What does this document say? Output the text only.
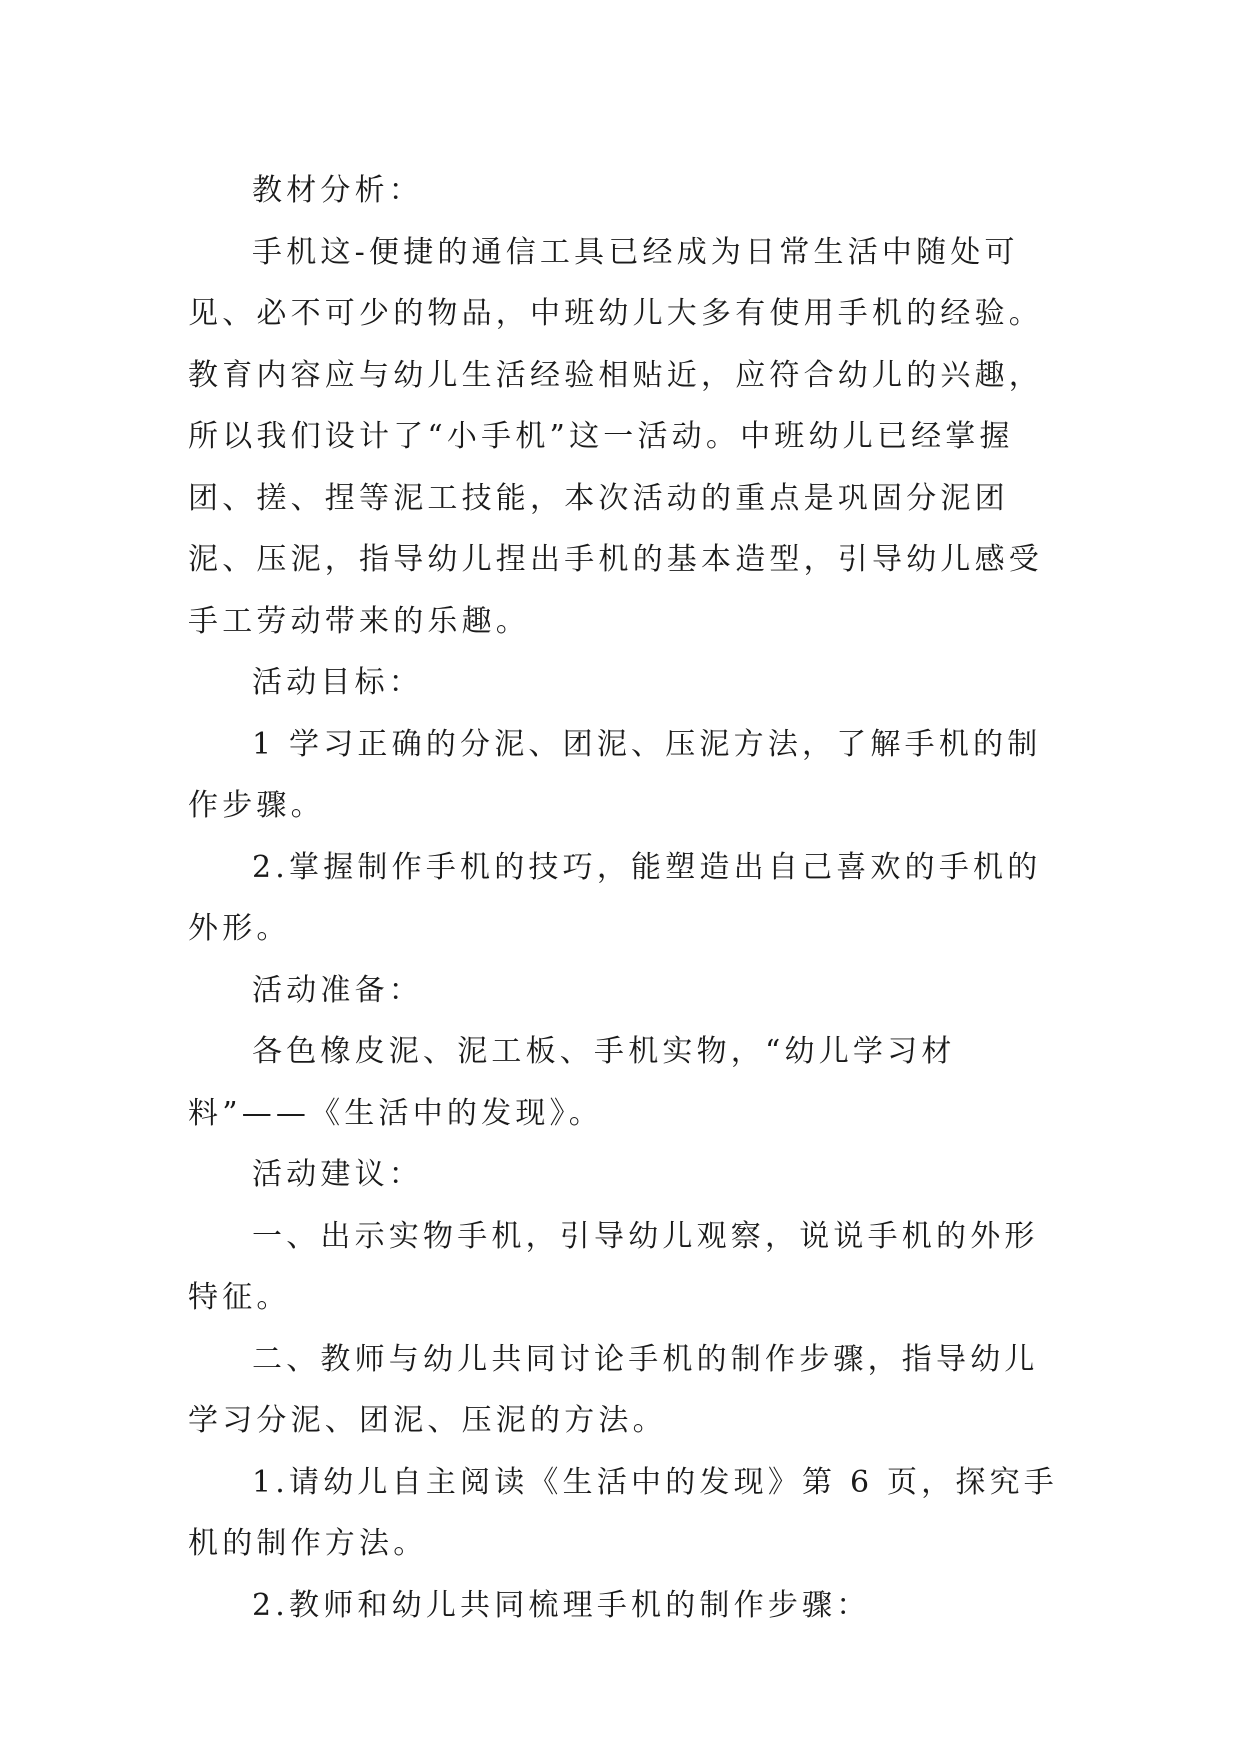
教材分析：

手机这-便捷的通信工具已经成为日常生活中随处可见、必不可少的物品，中班幼儿大多有使用手机的经验。教育内容应与幼儿生活经验相贴近，应符合幼儿的兴趣，所以我们设计了“小手机”这一活动。中班幼儿已经掌握团、搓、捏等泥工技能，本次活动的重点是巩固分泥团泥、压泥，指导幼儿捏出手机的基本造型，引导幼儿感受手工劳动带来的乐趣。

活动目标：

1 学习正确的分泥、团泥、压泥方法，了解手机的制作步骤。

2.掌握制作手机的技巧，能塑造出自己喜欢的手机的外形。

活动准备：

各色橡皮泥、泥工板、手机实物，“幼儿学习材料”——《生活中的发现》。

活动建议：

一、出示实物手机，引导幼儿观察，说说手机的外形特征。

二、教师与幼儿共同讨论手机的制作步骤，指导幼儿学习分泥、团泥、压泥的方法。

1.请幼儿自主阅读《生活中的发现》第 6 页，探究手机的制作方法。

2.教师和幼儿共同梳理手机的制作步骤：
